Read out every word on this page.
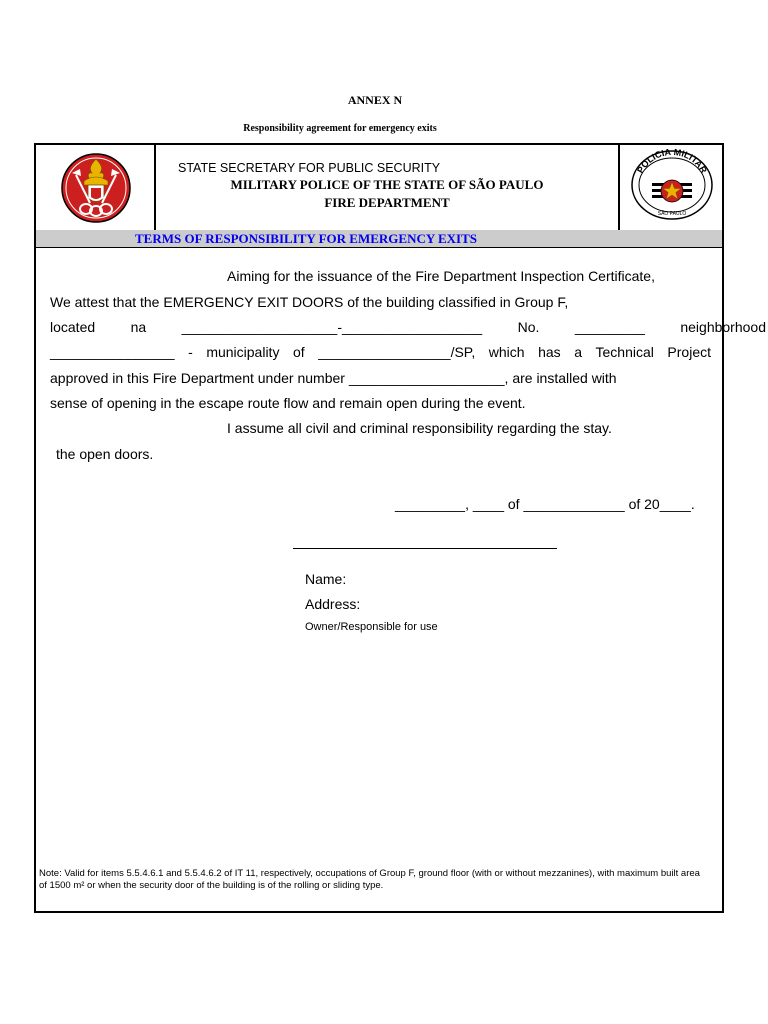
ANNEX N
Responsibility agreement for emergency exits
STATE SECRETARY FOR PUBLIC SECURITY
MILITARY POLICE OF THE STATE OF SÃO PAULO
FIRE DEPARTMENT
POLICIA MILITAR
SÃO PAULO
TERMS OF RESPONSIBILITY FOR EMERGENCY EXITS
Aiming for the issuance of the Fire Department Inspection Certificate,
We attest that the EMERGENCY EXIT DOORS of the building classified in Group F,
located	na	____________________-__________________	No.	_________	neighborhood
________________ - municipality of _________________/SP, which has a Technical Project
approved in this Fire Department under number ____________________, are installed with
sense of opening in the escape route flow and remain open during the event.
I assume all civil and criminal responsibility regarding the stay.
the open doors.
_________, ____ of _____________ of 20____.
Name:
Address:
Owner/Responsible for use
Note: Valid for items 5.5.4.6.1 and 5.5.4.6.2 of IT 11, respectively, occupations of Group F, ground floor (with or without mezzanines), with maximum built area of 1500 m² or when the security door of the building is of the rolling or sliding type.
